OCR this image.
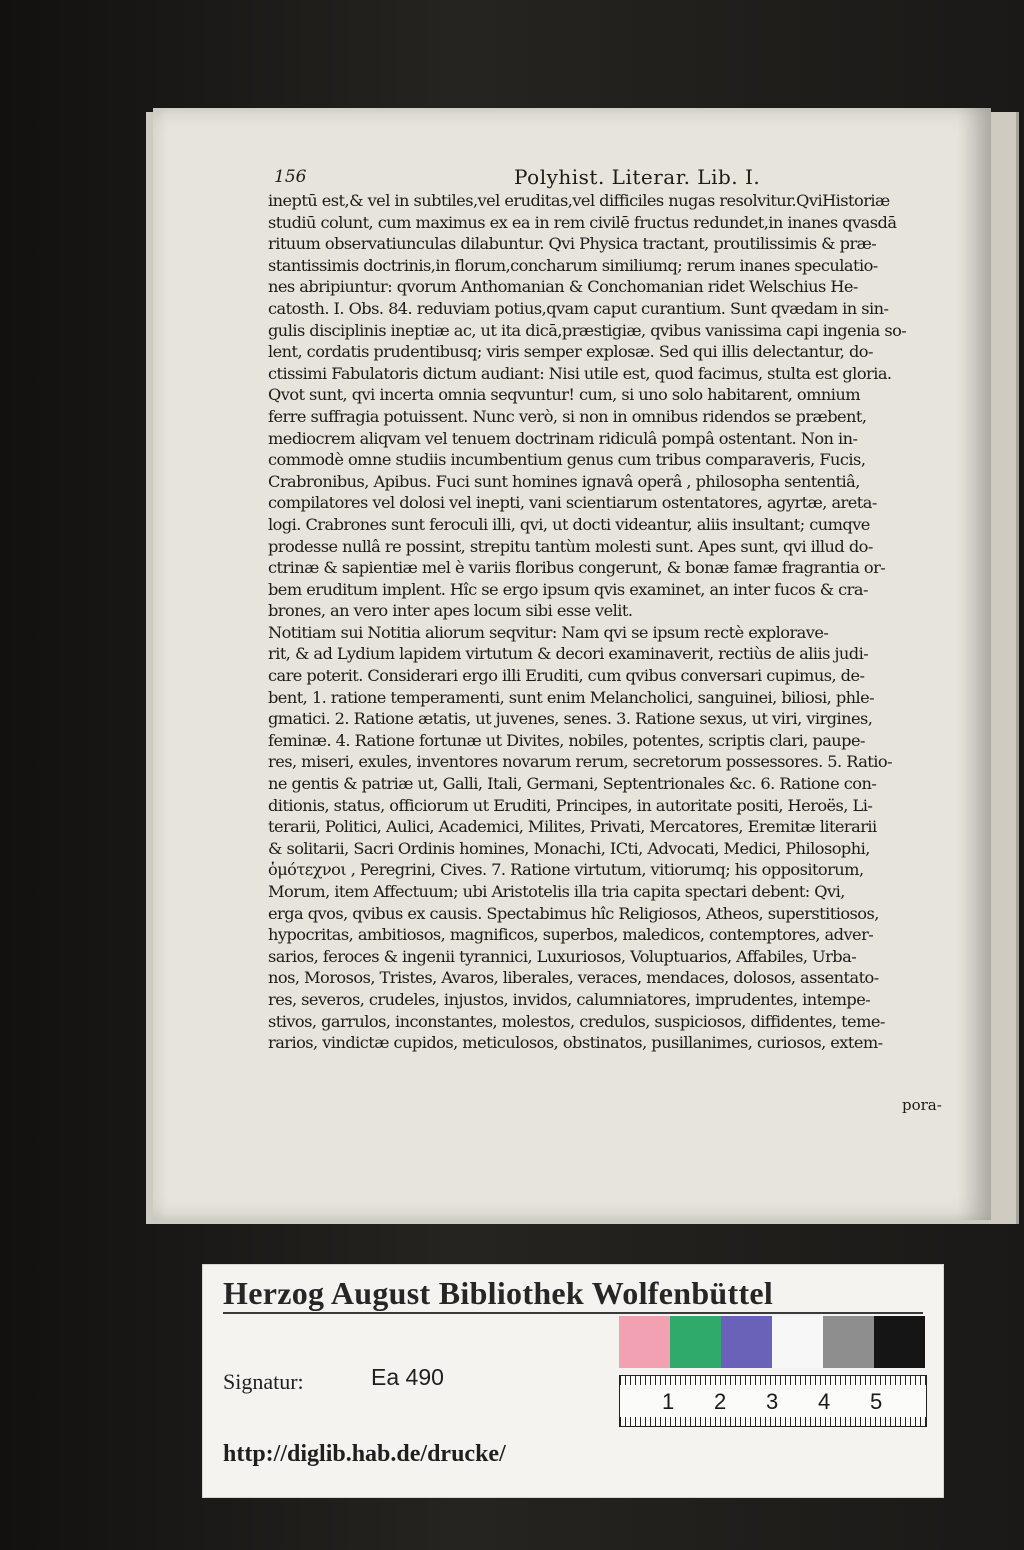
156	Polyhist. Literar. Lib. I.
ineptū est,& vel in subtiles,vel eruditas,vel difficiles nugas resolvitur.QviHistoriæ
studiū colunt, cum maximus ex ea in rem civilē fructus redundet,in inanes qvasdā
rituum observatiunculas dilabuntur. Qvi Physica tractant, proutilissimis & præ-
stantissimis doctrinis,in florum,concharum similiumq; rerum inanes speculatio-
nes abripiuntur: qvorum Anthomanian & Conchomanian ridet Welschius He-
catosth. I. Obs. 84. reduviam potius,qvam caput curantium. Sunt qvædam in sin-
gulis disciplinis ineptiæ ac, ut ita dicā,præstigiæ, qvibus vanissima capi ingenia so-
lent, cordatis prudentibusq; viris semper explosæ. Sed qui illis delectantur, do-
ctissimi Fabulatoris dictum audiant: Nisi utile est, quod facimus, stulta est gloria.
Qvot sunt, qvi incerta omnia seqvuntur! cum, si uno solo habitarent, omnium
ferre suffragia potuissent. Nunc verò, si non in omnibus ridendos se præbent,
mediocrem aliqvam vel tenuem doctrinam ridiculâ pompâ ostentant. Non in-
commodè omne studiis incumbentium genus cum tribus comparaveris, Fucis,
Crabronibus, Apibus. Fuci sunt homines ignavâ operâ , philosopha sententiâ,
compilatores vel dolosi vel inepti, vani scientiarum ostentatores, agyrtæ, areta-
logi. Crabrones sunt feroculi illi, qvi, ut docti videantur, aliis insultant; cumqve
prodesse nullâ re possint, strepitu tantùm molesti sunt. Apes sunt, qvi illud do-
ctrinæ & sapientiæ mel è variis floribus congerunt, & bonæ famæ fragrantia or-
bem eruditum implent. Hîc se ergo ipsum qvis examinet, an inter fucos & cra-
brones, an vero inter apes locum sibi esse velit.
Notitiam sui Notitia aliorum seqvitur: Nam qvi se ipsum rectè exploravе-
rit, & ad Lydium lapidem virtutum & decori examinaverit, rectiùs de aliis judi-
care poterit. Considerari ergo illi Eruditi, cum qvibus conversari cupimus, de-
bent, 1. ratione temperamenti, sunt enim Melancholici, sanguinei, biliosi, phle-
gmatici. 2. Ratione ætatis, ut juvenes, senes. 3. Ratione sexus, ut viri, virgines,
feminæ. 4. Ratione fortunæ ut Divites, nobiles, potentes, scriptis clari, paupe-
res, miseri, exules, inventores novarum rerum, secretorum possessores. 5. Ratio-
ne gentis & patriæ ut, Galli, Itali, Germani, Septentrionales &c. 6. Ratione con-
ditionis, status, officiorum ut Eruditi, Principes, in autoritate positi, Heroës, Li-
terarii, Politici, Aulici, Academici, Milites, Privati, Mercatores, Eremitæ literarii
& solitarii, Sacri Ordinis homines, Monachi, ICti, Advocati, Medici, Philosophi,
ὁμότεχνοι , Peregrini, Cives. 7. Ratione virtutum, vitiorumq; his oppositorum,
Morum, item Affectuum; ubi Aristotelis illa tria capita spectari debent: Qvi,
erga qvos, qvibus ex causis. Spectabimus hîc Religiosos, Atheos, superstitiosos,
hypocritas, ambitiosos, magnificos, superbos, maledicos, contemptores, adver-
sarios, feroces & ingenii tyrannici, Luxuriosos, Voluptuarios, Affabiles, Urba-
nos, Morosos, Tristes, Avaros, liberales, veraces, mendaces, dolosos, assentato-
res, severos, crudeles, injustos, invidos, calumniatores, imprudentes, intempe-
stivos, garrulos, inconstantes, molestos, credulos, suspiciosos, diffidentes, teme-
rarios, vindictæ cupidos, meticulosos, obstinatos, pusillanimes, curiosos, extem-
pora-
Herzog August Bibliothek Wolfenbüttel
Signatur:	Ea 490
http://diglib.hab.de/drucke/
1 2 3 4 5
